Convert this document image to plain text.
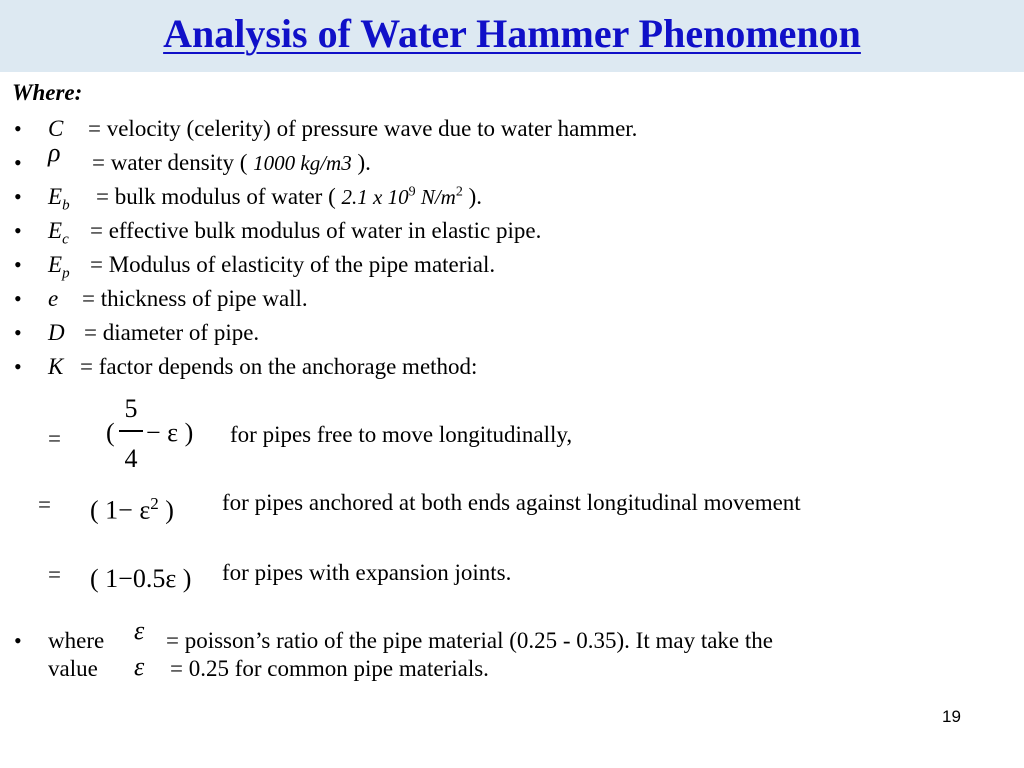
Analysis of Water Hammer Phenomenon
Where:
• C = velocity (celerity) of pressure wave due to water hammer.
• ρ = water density ( 1000 kg/m3 ).
• $E_b$ = bulk modulus of water ( 2.1 x $10^9$ $N/m^2$ ).
• $E_c$ = effective bulk modulus of water in elastic pipe.
• $E_p$ = Modulus of elasticity of the pipe material.
• e = thickness of pipe wall.
• D = diameter of pipe.
• K = factor depends on the anchorage method:
= (
5
4
− ε ) for pipes free to move longitudinally,
= ( $1- \varepsilon^2$ ) for pipes anchored at both ends against longitudinal movement
= ( 1−0.5ε ) for pipes with expansion joints.
• where ε = poisson’s ratio of the pipe material (0.25 - 0.35). It may take the
value ε = 0.25 for common pipe materials.
19
